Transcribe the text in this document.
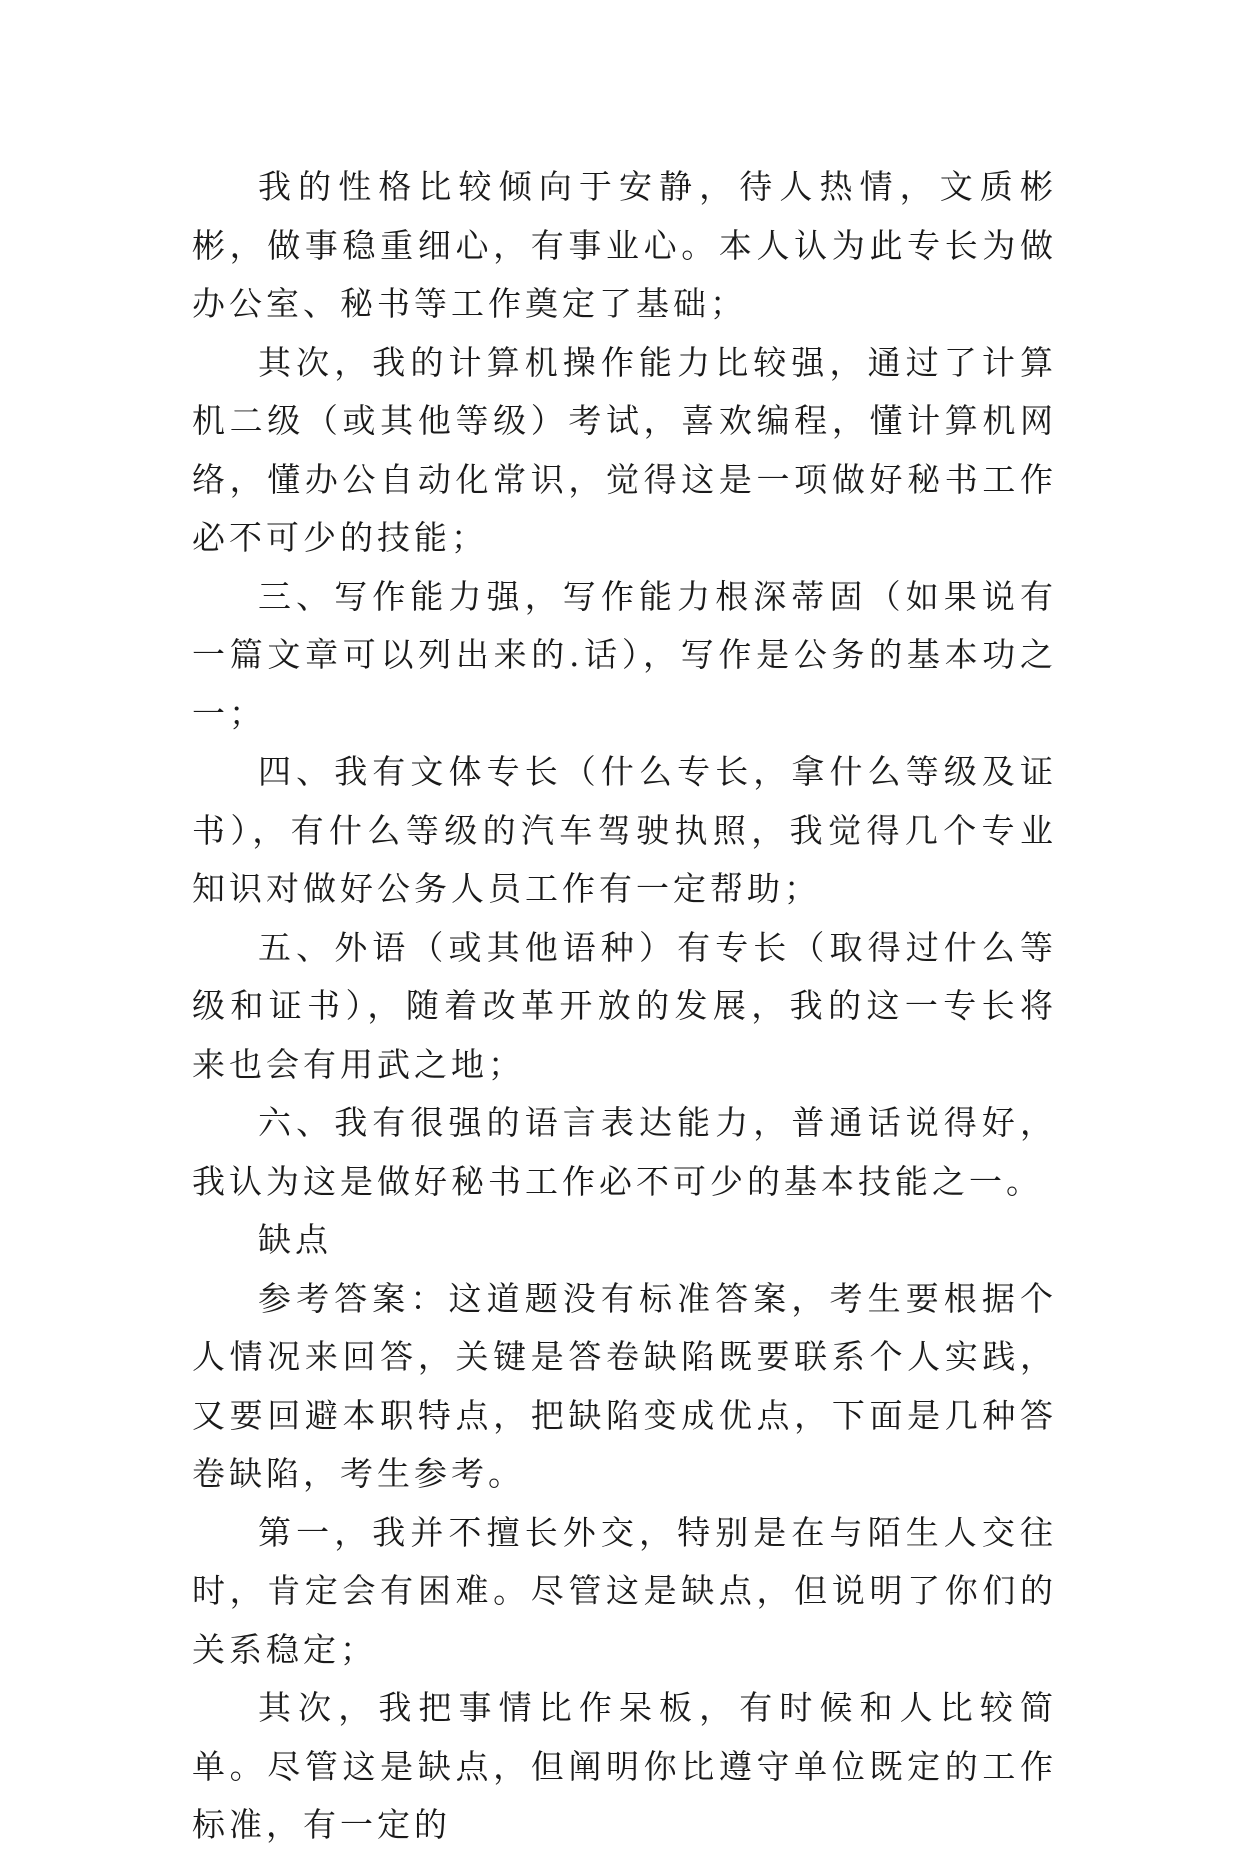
我的性格比较倾向于安静，待人热情，文质彬彬，做事稳重细心，有事业心。本人认为此专长为做办公室、秘书等工作奠定了基础；

其次，我的计算机操作能力比较强，通过了计算机二级（或其他等级）考试，喜欢编程，懂计算机网络，懂办公自动化常识，觉得这是一项做好秘书工作必不可少的技能；

三、写作能力强，写作能力根深蒂固（如果说有一篇文章可以列出来的.话），写作是公务的基本功之一；

四、我有文体专长（什么专长，拿什么等级及证书），有什么等级的汽车驾驶执照，我觉得几个专业知识对做好公务人员工作有一定帮助；

五、外语（或其他语种）有专长（取得过什么等级和证书），随着改革开放的发展，我的这一专长将来也会有用武之地；

六、我有很强的语言表达能力，普通话说得好，我认为这是做好秘书工作必不可少的基本技能之一。

缺点

参考答案：这道题没有标准答案，考生要根据个人情况来回答，关键是答卷缺陷既要联系个人实践，又要回避本职特点，把缺陷变成优点，下面是几种答卷缺陷，考生参考。

第一，我并不擅长外交，特别是在与陌生人交往时，肯定会有困难。尽管这是缺点，但说明了你们的关系稳定；

其次，我把事情比作呆板，有时候和人比较简单。尽管这是缺点，但阐明你比遵守单位既定的工作标准，有一定的
